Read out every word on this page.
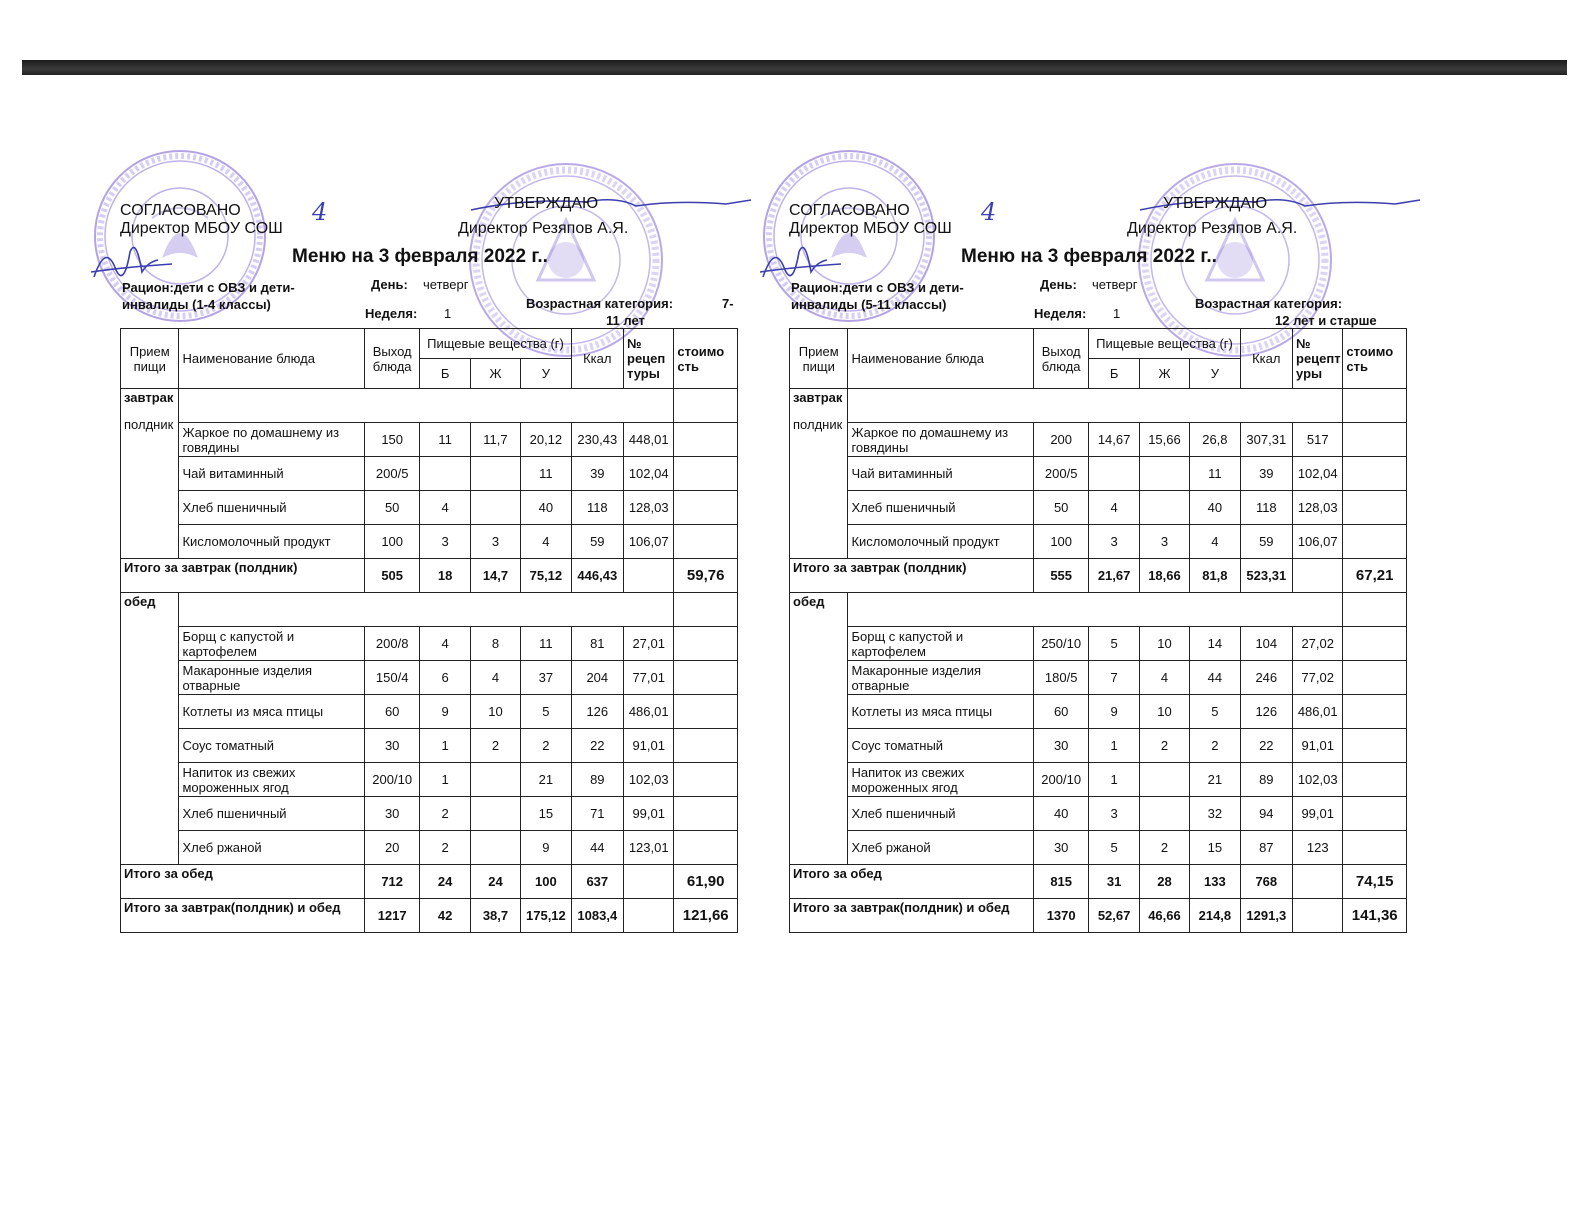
СОГЛАСОВАНО
Директор МБОУ СОШ
4	УТВЕРЖДАЮ
Директор Резяпов А.Я.
Меню на 3 февраля 2022 г..
Рацион:дети с ОВЗ и дети-
инвалиды (1-4 классы)
День: четверг
Неделя: 1
Возрастная категория:	7-
11 лет
Прием пищи	Наименование блюда	Выход блюда	Пищевые вещества (г)			Ккал	№ рецеп туры	стоимо сть
			Б	Ж	У			

завтрак
полдник								

	Жаркое по домашнему из говядины	150	11	11,7	20,12	230,43	448,01	
	Чай витаминный	200/5			11	39	102,04	
	Хлеб пшеничный	50	4		40	118	128,03	
	Кисломолочный продукт	100	3	3	4	59	106,07	
Итого за завтрак (полдник)		505	18	14,7	75,12	446,43		59,76
обед								
	Борщ с капустой и картофелем	200/8	4	8	11	81	27,01	
	Макаронные изделия отварные	150/4	6	4	37	204	77,01	
	Котлеты из мяса птицы	60	9	10	5	126	486,01	
	Соус томатный	30	1	2	2	22	91,01	
	Напиток из свежих мороженных ягод	200/10	1		21	89	102,03	
	Хлеб пшеничный	30	2		15	71	99,01	
	Хлеб ржаной	20	2		9	44	123,01	
Итого за обед		712	24	24	100	637		61,90
Итого за завтрак(полдник) и обед		1217	42	38,7	175,12	1083,4		121,66
СОГЛАСОВАНО
Директор МБОУ СОШ
4	УТВЕРЖДАЮ
Директор Резяпов А.Я.
Меню на 3 февраля 2022 г..
Рацион:дети с ОВЗ и дети-
инвалиды (5-11 классы)
День: четверг
Неделя: 1
Возрастная категория:
12 лет и старше
Прием пищи	Наименование блюда	Выход блюда	Пищевые вещества (г)			Ккал	№ рецепт уры	стоимо сть
			Б	Ж	У			

завтрак
полдник								

	Жаркое по домашнему из говядины	200	14,67	15,66	26,8	307,31	517	
	Чай витаминный	200/5			11	39	102,04	
	Хлеб пшеничный	50	4		40	118	128,03	
	Кисломолочный продукт	100	3	3	4	59	106,07	
Итого за завтрак (полдник)		555	21,67	18,66	81,8	523,31		67,21
обед								
	Борщ с капустой и картофелем	250/10	5	10	14	104	27,02	
	Макаронные изделия отварные	180/5	7	4	44	246	77,02	
	Котлеты из мяса птицы	60	9	10	5	126	486,01	
	Соус томатный	30	1	2	2	22	91,01	
	Напиток из свежих мороженных ягод	200/10	1		21	89	102,03	
	Хлеб пшеничный	40	3		32	94	99,01	
	Хлеб ржаной	30	5	2	15	87	123	
Итого за обед		815	31	28	133	768		74,15
Итого за завтрак(полдник) и обед		1370	52,67	46,66	214,8	1291,3		141,36
